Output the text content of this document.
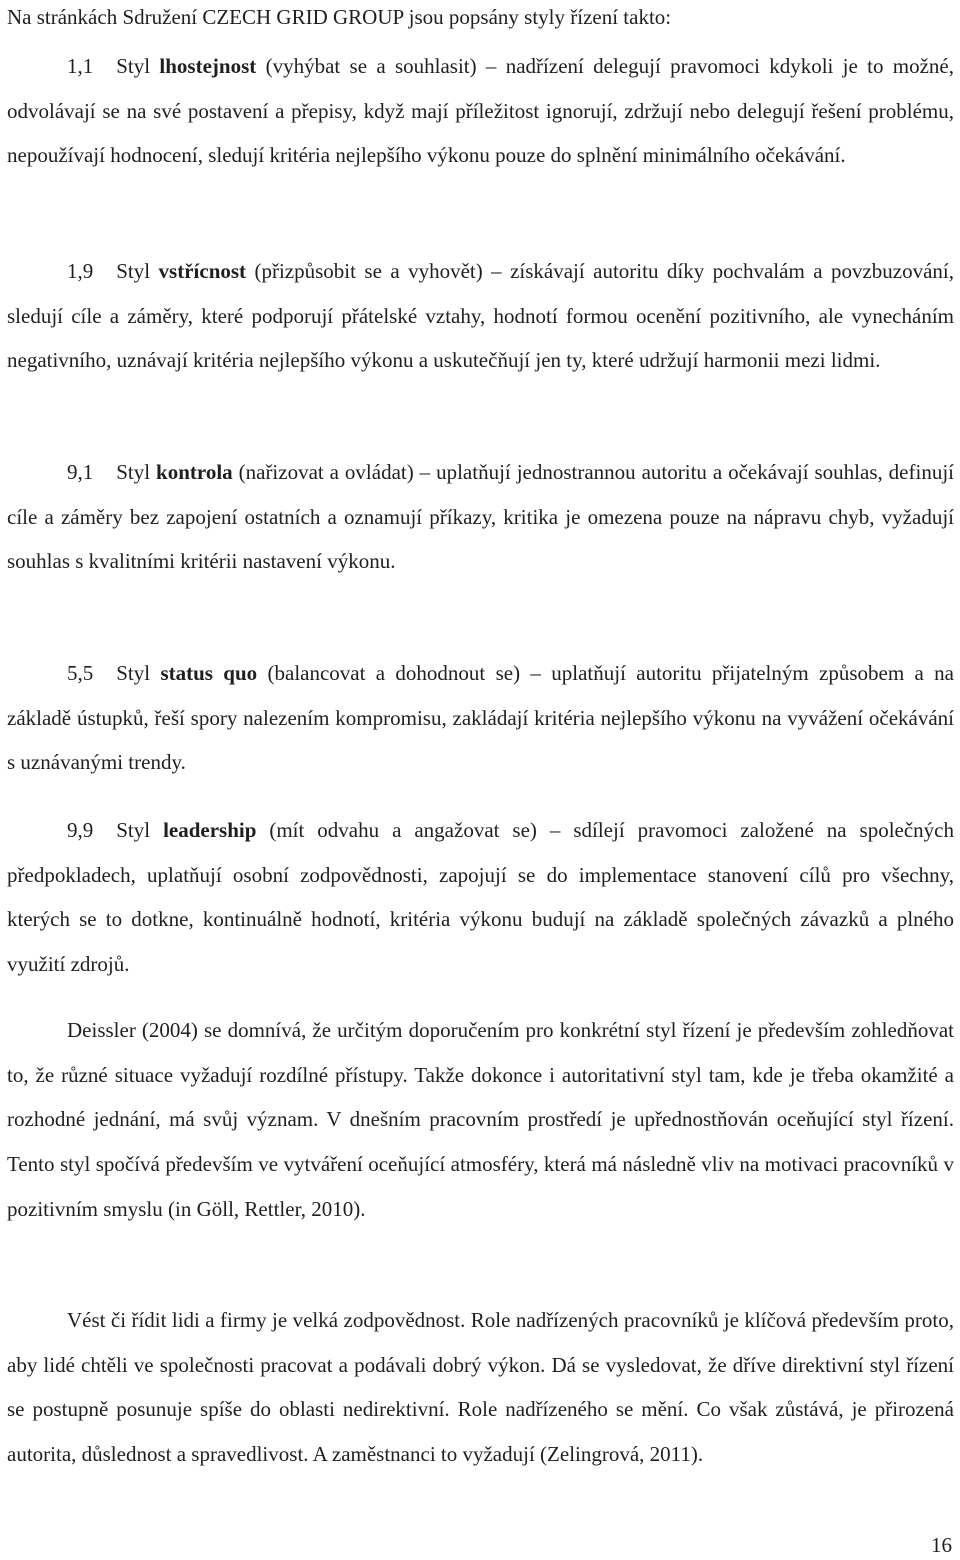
Na stránkách Sdružení CZECH GRID GROUP jsou popsány styly řízení takto:

1,1 Styl lhostejnost (vyhýbat se a souhlasit) – nadřízení delegují pravomoci kdykoli je to možné, odvolávají se na své postavení a přepisy, když mají příležitost ignorují, zdržují nebo delegují řešení problému, nepoužívají hodnocení, sledují kritéria nejlepšího výkonu pouze do splnění minimálního očekávání.

1,9 Styl vstřícnost (přizpůsobit se a vyhovět) – získávají autoritu díky pochvalám a povzbuzování, sledují cíle a záměry, které podporují přátelské vztahy, hodnotí formou ocenění pozitivního, ale vynecháním negativního, uznávají kritéria nejlepšího výkonu a uskutečňují jen ty, které udržují harmonii mezi lidmi.

9,1 Styl kontrola (nařizovat a ovládat) – uplatňují jednostrannou autoritu a očekávají souhlas, definují cíle a záměry bez zapojení ostatních a oznamují příkazy, kritika je omezena pouze na nápravu chyb, vyžadují souhlas s kvalitními kritérii nastavení výkonu.

5,5 Styl status quo (balancovat a dohodnout se) – uplatňují autoritu přijatelným způsobem a na základě ústupků, řeší spory nalezením kompromisu, zakládají kritéria nejlepšího výkonu na vyvážení očekávání s uznávanými trendy.

9,9 Styl leadership (mít odvahu a angažovat se) – sdílejí pravomoci založené na společných předpokladech, uplatňují osobní zodpovědnosti, zapojují se do implementace stanovení cílů pro všechny, kterých se to dotkne, kontinuálně hodnotí, kritéria výkonu budují na základě společných závazků a plného využití zdrojů.

Deissler (2004) se domnívá, že určitým doporučením pro konkrétní styl řízení je především zohledňovat to, že různé situace vyžadují rozdílné přístupy. Takže dokonce i autoritativní styl tam, kde je třeba okamžité a rozhodné jednání, má svůj význam. V dnešním pracovním prostředí je upřednostňován oceňující styl řízení. Tento styl spočívá především ve vytváření oceňující atmosféry, která má následně vliv na motivaci pracovníků v pozitivním smyslu (in Göll, Rettler, 2010).

Vést či řídit lidi a firmy je velká zodpovědnost. Role nadřízených pracovníků je klíčová především proto, aby lidé chtěli ve společnosti pracovat a podávali dobrý výkon. Dá se vysledovat, že dříve direktivní styl řízení se postupně posunuje spíše do oblasti nedirektivní. Role nadřízeného se mění. Co však zůstává, je přirozená autorita, důslednost a spravedlivost. A zaměstnanci to vyžadují (Zelingrová, 2011).

16
